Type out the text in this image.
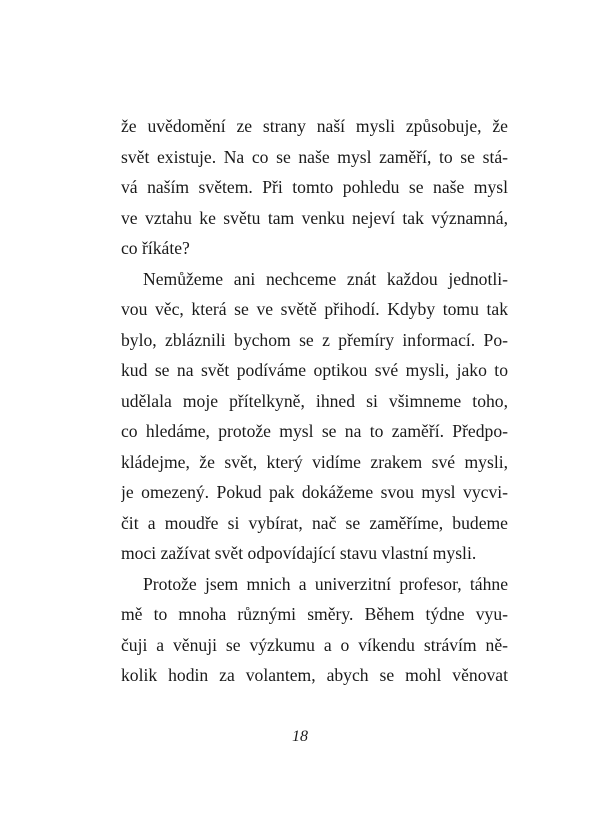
že uvědomění ze strany naší mysli způsobuje, že
svět existuje. Na co se naše mysl zaměří, to se stá-
vá naším světem. Při tomto pohledu se naše mysl
ve vztahu ke světu tam venku nejeví tak významná,
co říkáte?
Nemůžeme ani nechceme znát každou jednotli-
vou věc, která se ve světě přihodí. Kdyby tomu tak
bylo, zbláznili bychom se z přemíry informací. Po-
kud se na svět podíváme optikou své mysli, jako to
udělala moje přítelkyně, ihned si všimneme toho,
co hledáme, protože mysl se na to zaměří. Předpo-
kládejme, že svět, který vidíme zrakem své mysli,
je omezený. Pokud pak dokážeme svou mysl vycvi-
čit a moudře si vybírat, nač se zaměříme, budeme
moci zažívat svět odpovídající stavu vlastní mysli.
Protože jsem mnich a univerzitní profesor, táhne
mě to mnoha různými směry. Během týdne vyu-
čuji a věnuji se výzkumu a o víkendu strávím ně-
kolik hodin za volantem, abych se mohl věnovat
18
